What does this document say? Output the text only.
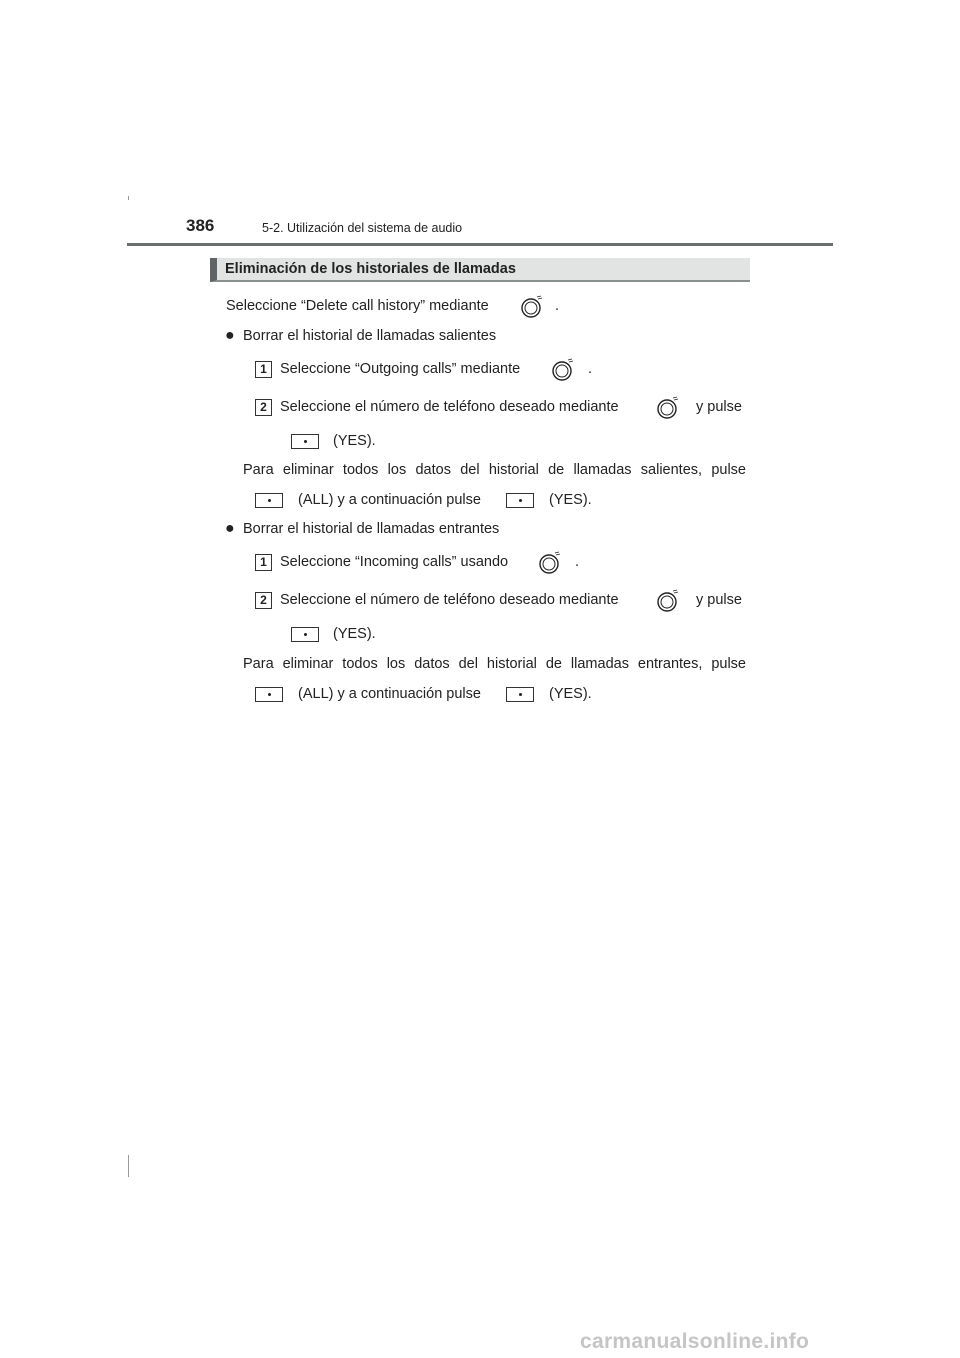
386	5-2. Utilización del sistema de audio
Eliminación de los historiales de llamadas
Seleccione “Delete call history” mediante	.
● Borrar el historial de llamadas salientes
1 Seleccione “Outgoing calls” mediante	.
2 Seleccione el número de teléfono deseado mediante	y pulse
(YES).
Para eliminar todos los datos del historial de llamadas salientes, pulse
(ALL) y a continuación pulse	(YES).
● Borrar el historial de llamadas entrantes
1 Seleccione “Incoming calls” usando	.
2 Seleccione el número de teléfono deseado mediante	y pulse
(YES).
Para eliminar todos los datos del historial de llamadas entrantes, pulse
(ALL) y a continuación pulse	(YES).
carmanualsonline.info
